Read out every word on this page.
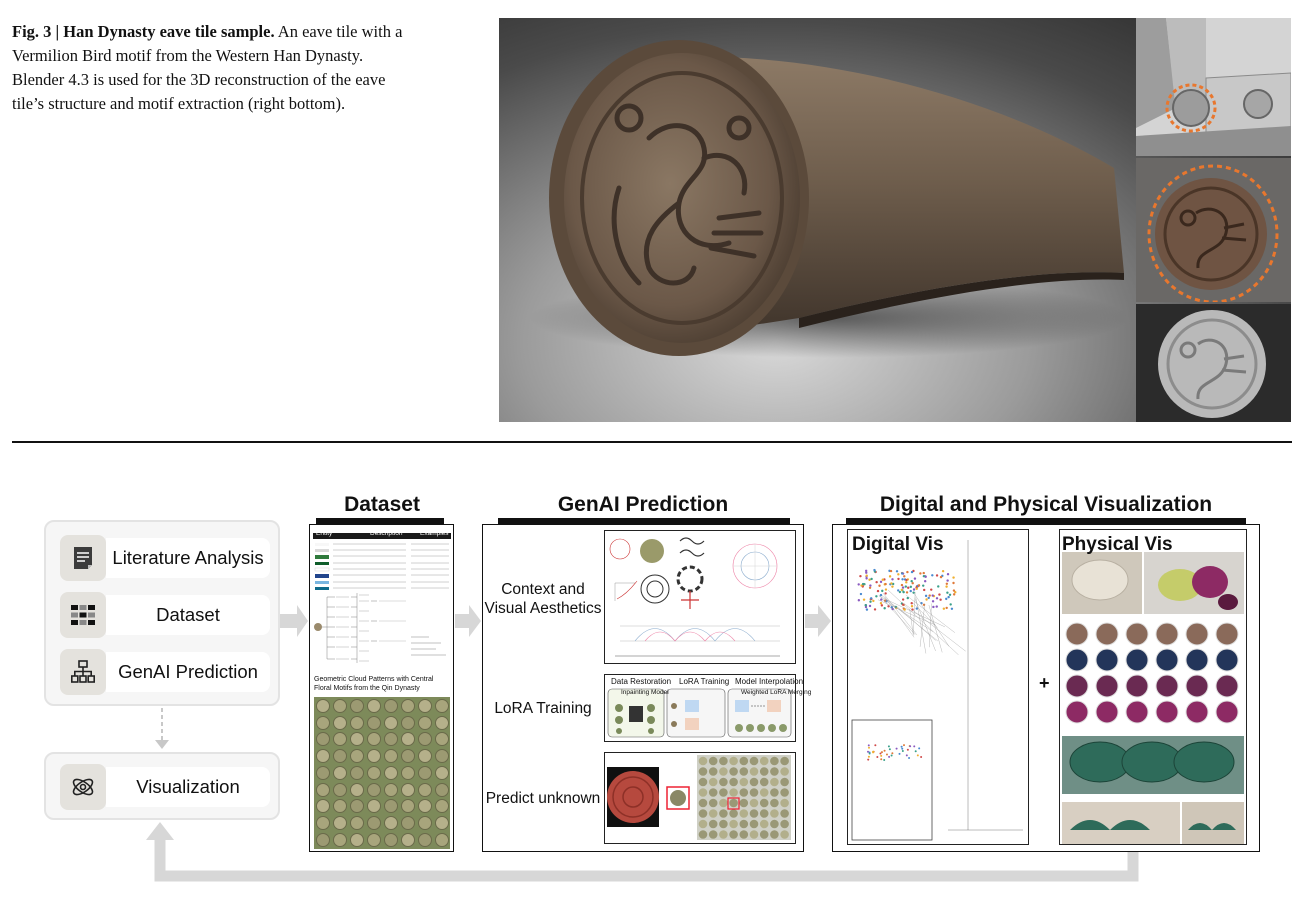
Fig. 3 | Han Dynasty eave tile sample. An eave tile with a Vermilion Bird motif from the Western Han Dynasty. Blender 4.3 is used for the 3D reconstruction of the eave tile’s structure and motif extraction (right bottom).
Literature Analysis
Dataset
GenAI Prediction
Visualization
Dataset
Entity	Description	Examples
Geometric Cloud Patterns with Central Floral Motifs from the Qin Dynasty
GenAI Prediction
Context and
Visual Aesthetics
LoRA Training
Predict unknown
Data Restoration LoRA Training Model Interpolation
Inpainting Model	Weighted LoRA Merging
Digital and Physical Visualization
Digital Vis
+
Physical Vis
